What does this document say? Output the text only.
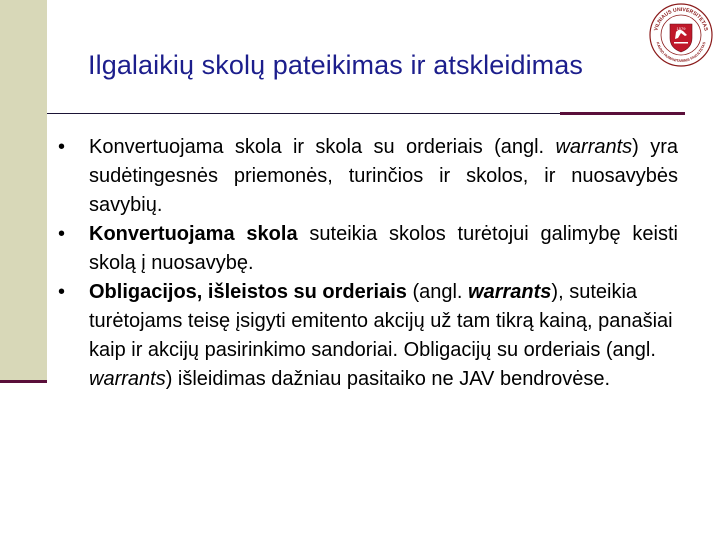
Ilgalaikių skolų pateikimas ir atskleidimas
VILNIAUS UNIVERSITETAS
KAUNO HUMANITARINIS FAKULTETAS
1579
• Konvertuojama skola ir skola su orderiais (angl. warrants) yra sudėtingesnės priemonės, turinčios ir skolos, ir nuosavybės savybių.
• Konvertuojama skola suteikia skolos turėtojui galimybę keisti skolą į nuosavybę.
• Obligacijos, išleistos su orderiais (angl. warrants), suteikia turėtojams teisę įsigyti emitento akcijų už tam tikrą kainą, panašiai kaip ir akcijų pasirinkimo sandoriai. Obligacijų su orderiais (angl. warrants) išleidimas dažniau pasitaiko ne JAV bendrovėse.
